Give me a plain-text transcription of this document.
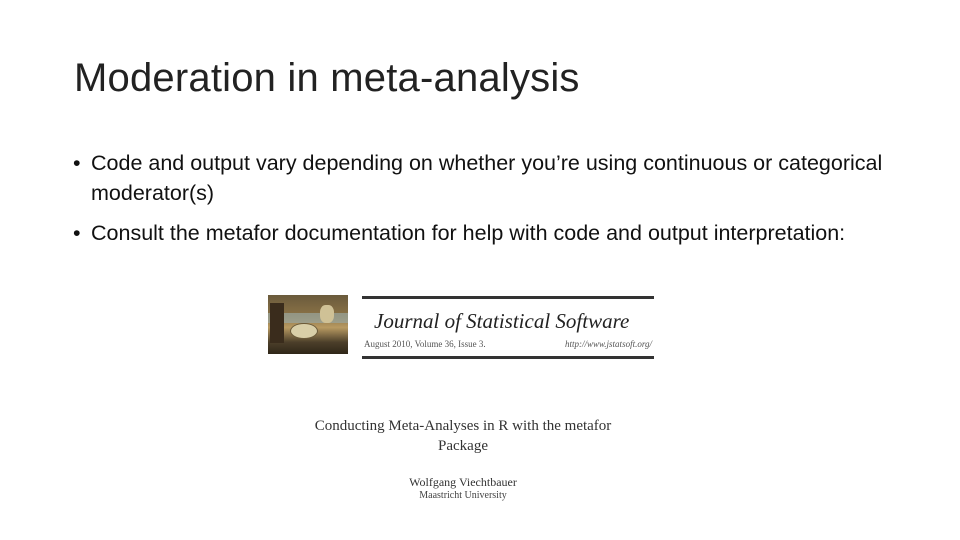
Moderation in meta-analysis
• Code and output vary depending on whether you’re using continuous or categorical moderator(s)
• Consult the metafor documentation for help with code and output interpretation:
Journal of Statistical Software
August 2010, Volume 36, Issue 3.	http://www.jstatsoft.org/
Conducting Meta-Analyses in R with the metafor
Package
Wolfgang Viechtbauer
Maastricht University
